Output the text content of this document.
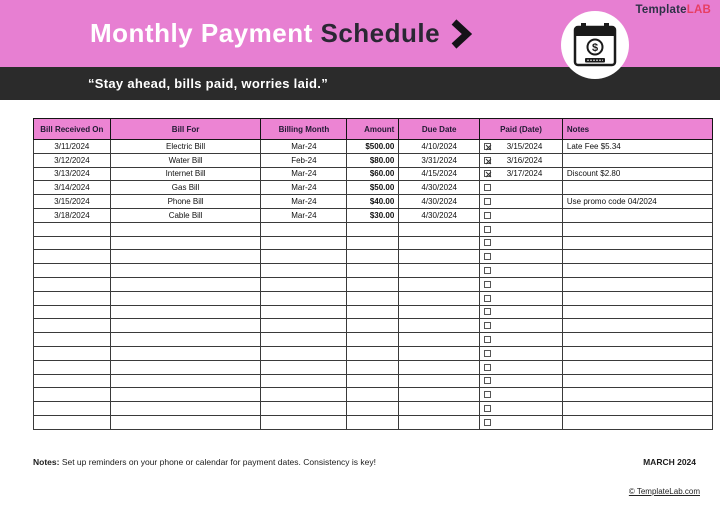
Monthly Payment Schedule
“Stay ahead, bills paid, worries laid.”
$
TemplateLAB
Bill Received On	Bill For	Billing Month	Amount	Due Date	Paid (Date)	Notes
3/11/2024	Electric Bill	Mar-24	$500.00	4/10/2024	3/15/2024	Late Fee $5.34
3/12/2024	Water Bill	Feb-24	$80.00	3/31/2024	3/16/2024	

3/13/2024	Internet Bill	Mar-24	$60.00	4/15/2024	3/17/2024	Discount $2.80
3/14/2024	Gas Bill	Mar-24	$50.00	4/30/2024	

3/15/2024	Phone Bill	Mar-24	$40.00	4/30/2024		Use promo code 04/2024
3/18/2024	Cable Bill	Mar-24	$30.00	4/30/2024	

Notes: Set up reminders on your phone or calendar for payment dates. Consistency is key!	MARCH 2024
© TemplateLab.com
